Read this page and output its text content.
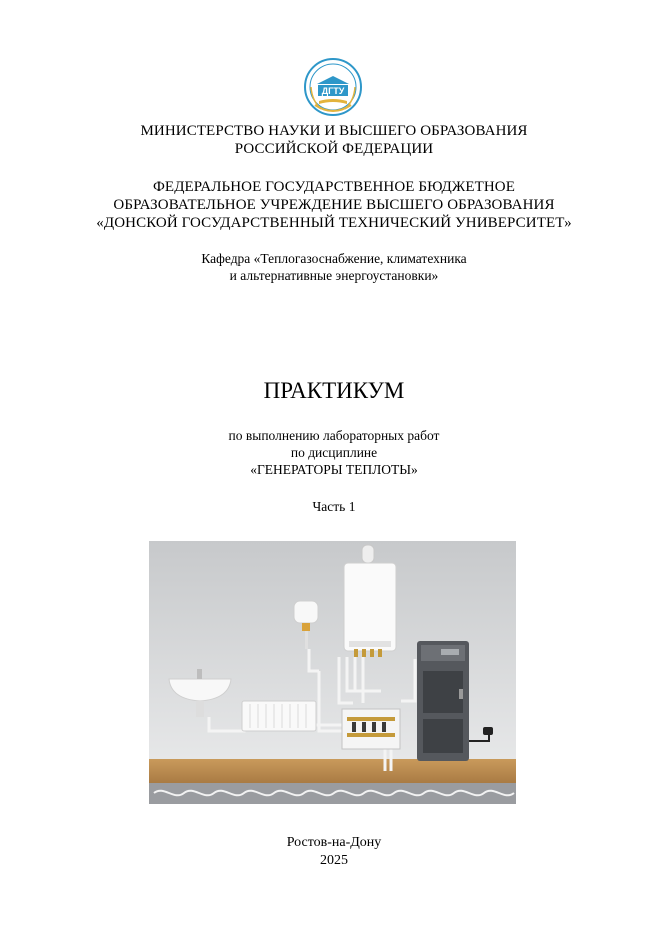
ДГТУ
МИНИСТЕРСТВО НАУКИ И ВЫСШЕГО ОБРАЗОВАНИЯ
РОССИЙСКОЙ ФЕДЕРАЦИИ
ФЕДЕРАЛЬНОЕ ГОСУДАРСТВЕННОЕ БЮДЖЕТНОЕ
ОБРАЗОВАТЕЛЬНОЕ УЧРЕЖДЕНИЕ ВЫСШЕГО ОБРАЗОВАНИЯ
«ДОНСКОЙ ГОСУДАРСТВЕННЫЙ ТЕХНИЧЕСКИЙ УНИВЕРСИТЕТ»
Кафедра «Теплогазоснабжение, климатехника
и альтернативные энергоустановки»
ПРАКТИКУМ
по выполнению лабораторных работ
по дисциплине
«ГЕНЕРАТОРЫ ТЕПЛОТЫ»
Часть 1
Ростов-на-Дону
2025
